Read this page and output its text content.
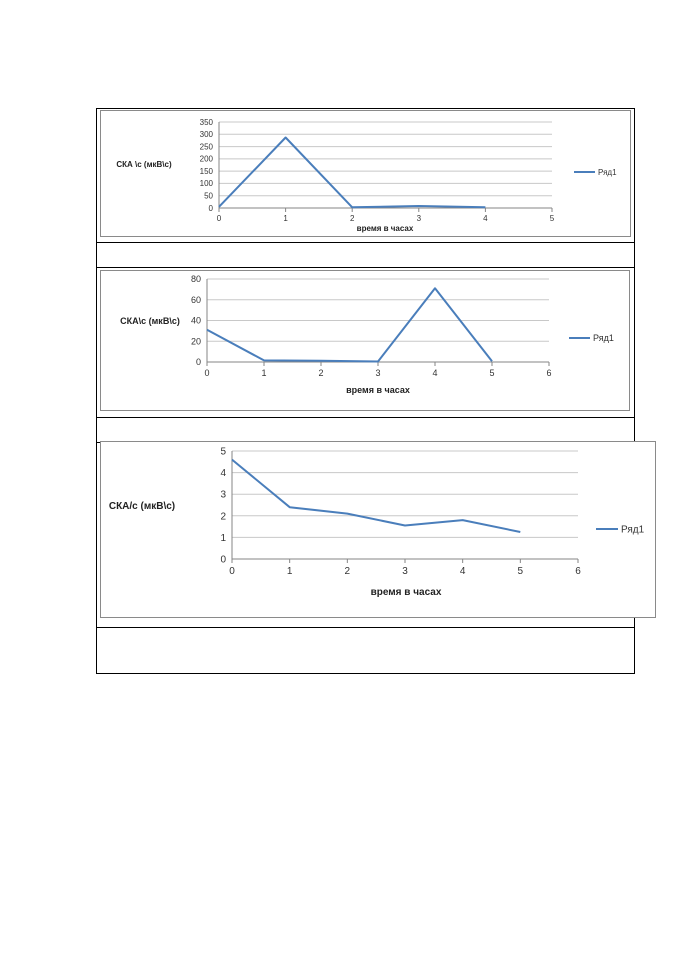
0
50
100
150
200
250
300
350
0	1	2	3	4	5
СКА \c (мкВ\c)
время в часах
Ряд1
0
20
40
60
80
0	1	2	3	4	5	6
СКА\с (мкВ\с)
время в часах
Ряд1
0
1
2
3
4
5
0	1	2	3	4	5	6
СКА/с (мкВ\с)
время в часах
Ряд1
